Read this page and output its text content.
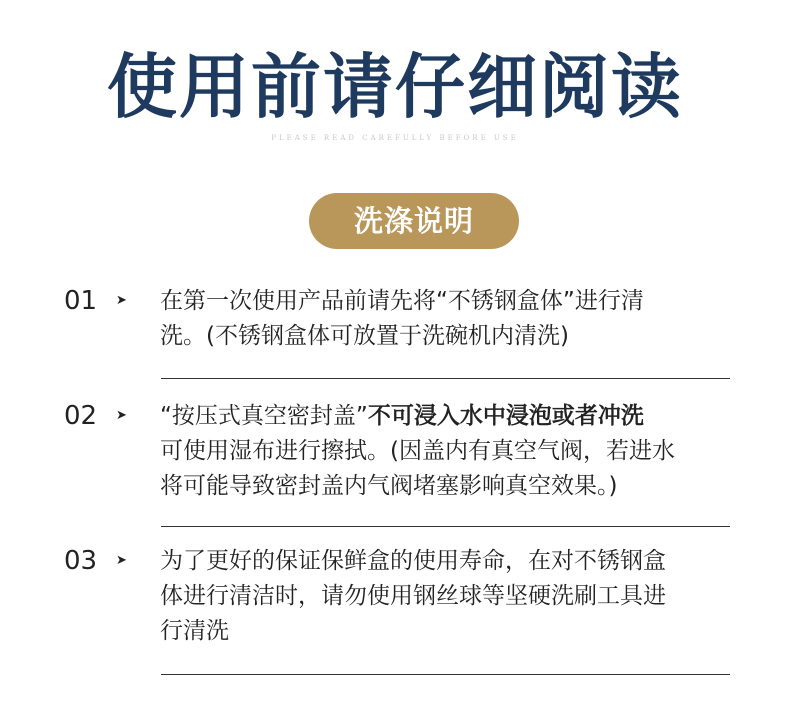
使用前请仔细阅读
PLEASE READ CAREFULLY BEFORE USE
洗涤说明
01 ➤ 在第一次使用产品前请先将“不锈钢盒体”进行清
洗。(不锈钢盒体可放置于洗碗机内清洗)
02 ➤ “按压式真空密封盖”不可浸入水中浸泡或者冲洗
可使用湿布进行擦拭。(因盖内有真空气阀，若进水
将可能导致密封盖内气阀堵塞影响真空效果。)
03 ➤ 为了更好的保证保鲜盒的使用寿命，在对不锈钢盒
体进行清洁时，请勿使用钢丝球等坚硬洗刷工具进
行清洗
